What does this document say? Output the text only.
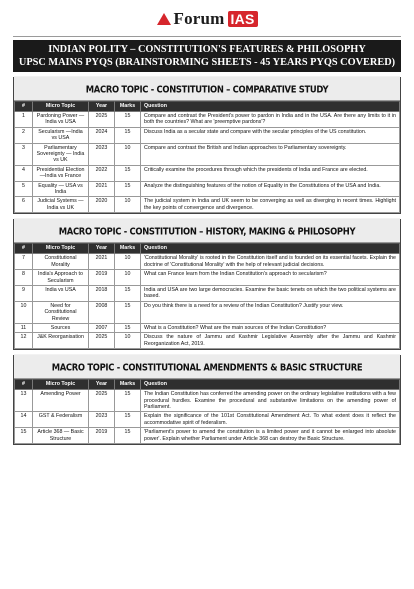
Forum IAS
INDIAN POLITY – CONSTITUTION'S FEATURES & PHILOSOPHY
UPSC MAINS PYQS (BRAINSTORMING SHEETS - 45 YEARS PYQS COVERED)
MACRO TOPIC - CONSTITUTION – COMPARATIVE STUDY
#	Micro Topic	Year	Marks	Question
1	Pardoning Power —India vs USA	2025	15	Compare and contrast the President's power to pardon in India and in the USA. Are there any limits to it in both the countries? What are 'preemptive pardons'?
2	Secularism —India vs USA	2024	15	Discuss India as a secular state and compare with the secular principles of the US constitution.
3	Parliamentary Sovereignty — India vs UK	2023	10	Compare and contrast the British and Indian approaches to Parliamentary sovereignty.
4	Presidential Election —India vs France	2022	15	Critically examine the procedures through which the presidents of India and France are elected.
5	Equality — USA vs India	2021	15	Analyze the distinguishing features of the notion of Equality in the Constitutions of the USA and India.
6	Judicial Systems —India vs UK	2020	10	The judicial system in India and UK seem to be converging as well as diverging in recent times. Highlight the key points of convergence and divergence.
MACRO TOPIC - CONSTITUTION – HISTORY, MAKING & PHILOSOPHY
#	Micro Topic	Year	Marks	Question
7	Constitutional Morality	2021	10	'Constitutional Morality' is rooted in the Constitution itself and is founded on its essential facets. Explain the doctrine of 'Constitutional Morality' with the help of relevant judicial decisions.
8	India's Approach to Secularism	2019	10	What can France learn from the Indian Constitution's approach to secularism?
9	India vs USA	2018	15	India and USA are two large democracies. Examine the basic tenets on which the two political systems are based.
10	Need for Constitutional Review	2008	15	Do you think there is a need for a review of the Indian Constitution? Justify your view.
11	Sources	2007	15	What is a Constitution? What are the main sources of the Indian Constitution?
12	J&K Reorganisation	2025	10	Discuss the nature of Jammu and Kashmir Legislative Assembly after the Jammu and Kashmir Reorganization Act, 2019.
MACRO TOPIC - CONSTITUTIONAL AMENDMENTS & BASIC STRUCTURE
#	Micro Topic	Year	Marks	Question
13	Amending Power	2025	15	The Indian Constitution has conferred the amending power on the ordinary legislative institutions with a few procedural hurdles. Examine the procedural and substantive limitations on the amending power of Parliament.
14	GST & Federalism	2023	15	Explain the significance of the 101st Constitutional Amendment Act. To what extent does it reflect the accommodative spirit of federalism.
15	Article 368 — Basic Structure	2019	15	'Parliament's power to amend the constitution is a limited power and it cannot be enlarged into absolute power'. Explain whether Parliament under Article 368 can destroy the Basic Structure.
